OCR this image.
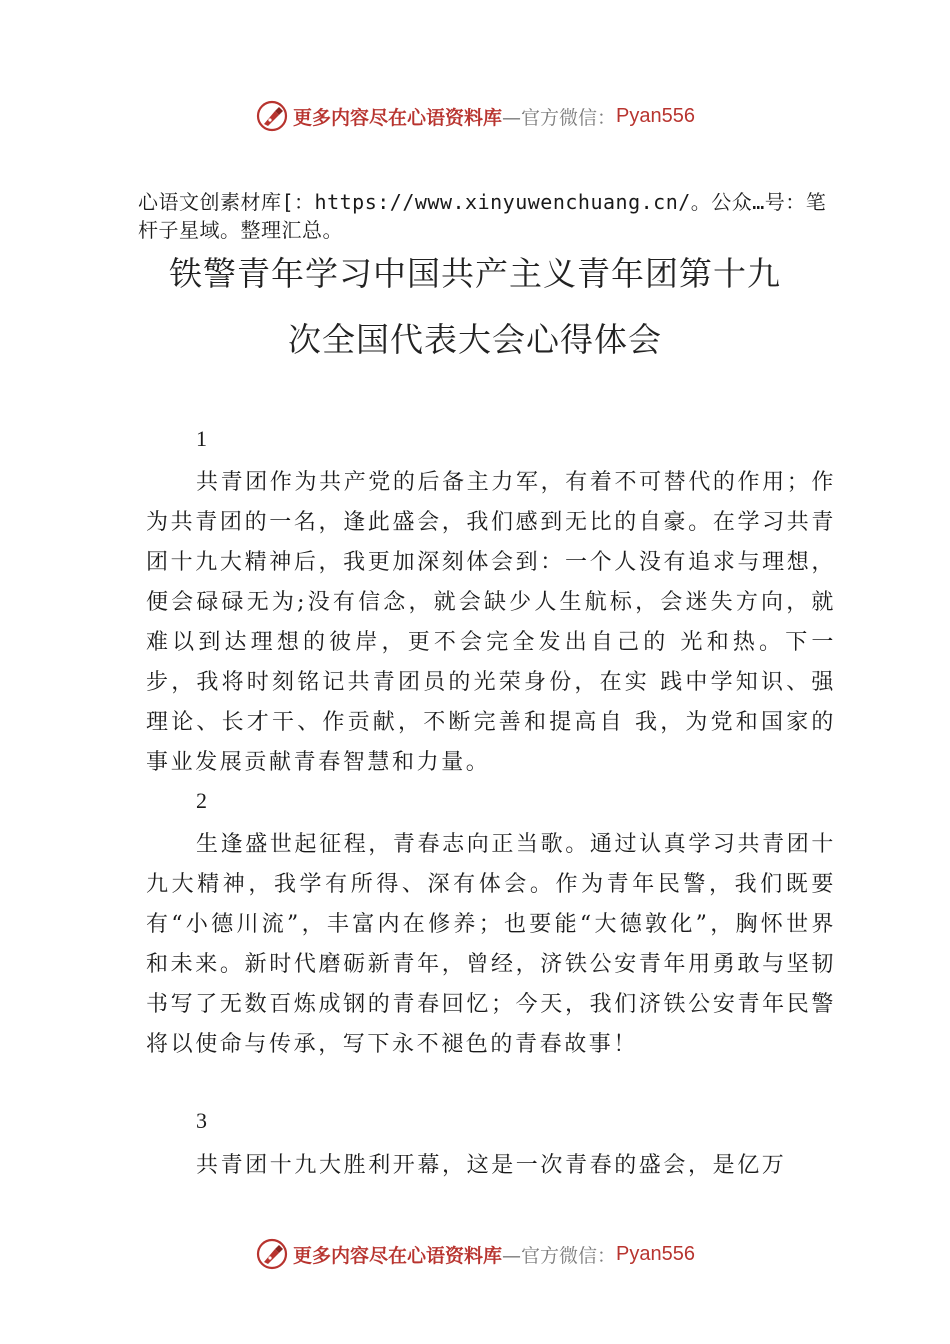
更多内容尽在心语资料库 —官方微信： Pyan556
心语文创素材库[：https://www.xinyuwenchuang.cn/。公众…号：笔杆子星域。整理汇总。
铁警青年学习中国共产主义青年团第十九
次全国代表大会心得体会
1
共青团作为共产党的后备主力军，有着不可替代的作用；作为共青团的一名，逢此盛会，我们感到无比的自豪。在学习共青团十九大精神后，我更加深刻体会到：一个人没有追求与理想，便会碌碌无为;没有信念，就会缺少人生航标，会迷失方向，就难以到达理想的彼岸，更不会完全发出自己的 光和热。下一步，我将时刻铭记共青团员的光荣身份，在实 践中学知识、强理论、长才干、作贡献，不断完善和提高自 我，为党和国家的事业发展贡献青春智慧和力量。
2
生逢盛世起征程，青春志向正当歌。通过认真学习共青团十九大精神，我学有所得、深有体会。作为青年民警，我们既要有“小德川流”，丰富内在修养；也要能“大德敦化”，胸怀世界和未来。新时代磨砺新青年，曾经，济铁公安青年用勇敢与坚韧书写了无数百炼成钢的青春回忆；今天，我们济铁公安青年民警将以使命与传承，写下永不褪色的青春故事！
3
共青团十九大胜利开幕，这是一次青春的盛会，是亿万
更多内容尽在心语资料库 —官方微信： Pyan556
